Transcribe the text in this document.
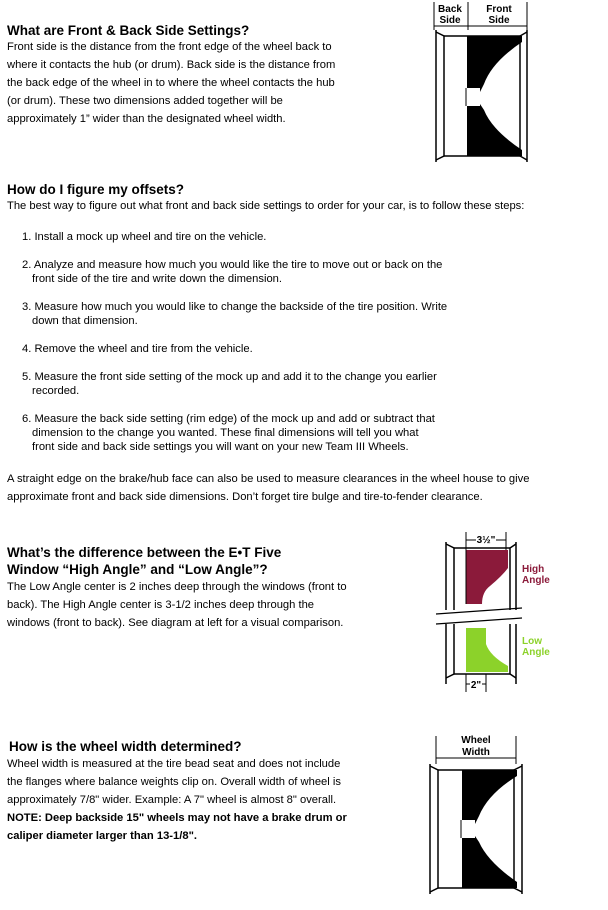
What are Front & Back Side Settings?
Front side is the distance from the front edge of the wheel back to
where it contacts the hub (or drum). Back side is the distance from
the back edge of the wheel in to where the wheel contacts the hub
(or drum). These two dimensions added together will be
approximately 1” wider than the designated wheel width.
Back
Side
Front
Side
How do I figure my offsets?
The best way to figure out what front and back side settings to order for your car, is to follow these steps:
1. Install a mock up wheel and tire on the vehicle.
2. Analyze and measure how much you would like the tire to move out or back on the
front side of the tire and write down the dimension.
3. Measure how much you would like to change the backside of the tire position. Write
down that dimension.
4. Remove the wheel and tire from the vehicle.
5. Measure the front side setting of the mock up and add it to the change you earlier
recorded.
6. Measure the back side setting (rim edge) of the mock up and add or subtract that
dimension to the change you wanted. These final dimensions will tell you what
front side and back side settings you will want on your new Team III Wheels.
A straight edge on the brake/hub face can also be used to measure clearances in the wheel house to give
approximate front and back side dimensions. Don’t forget tire bulge and tire-to-fender clearance.
What’s the difference between the E•T Five
Window “High Angle” and “Low Angle”?
The Low Angle center is 2 inches deep through the windows (front to
back). The High Angle center is 3-1/2 inches deep through the
windows (front to back). See diagram at left for a visual comparison.
3½"
2"
High
Angle
Low
Angle
How is the wheel width determined?
Wheel width is measured at the tire bead seat and does not include
the flanges where balance weights clip on. Overall width of wheel is
approximately 7/8" wider. Example: A 7" wheel is almost 8" overall.
NOTE: Deep backside 15" wheels may not have a brake drum or
caliper diameter larger than 13-1/8".
Wheel
Width
